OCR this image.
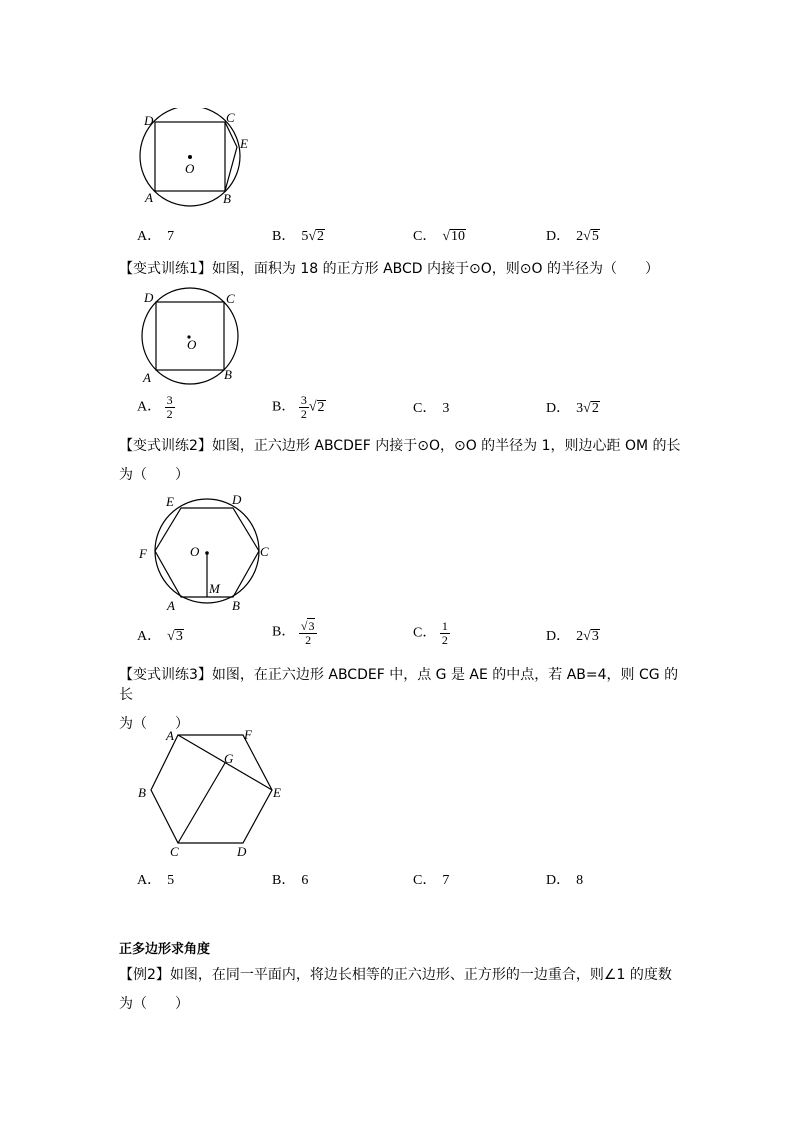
D	C
E
O
A	B
A． 7	B． 5√2	C． √10	D． 2√5
【变式训练1】如图，面积为 18 的正方形 ABCD 内接于⊙O，则⊙O 的半径为（　　）
D	C
O
A	B
A． $\frac{3}{2}$	B． $\frac{3}{2} √2$	C． 3	D． 3√2
【变式训练2】如图，正六边形 ABCDEF 内接于⊙O，⊙O 的半径为 1，则边心距 OM 的长
为（　　）
E	D
F	O	C
M
A	B
A． √3	B． $\frac{√3}{2}$	C． $\frac{1}{2}$	D． 2√3
【变式训练3】如图，在正六边形 ABCDEF 中，点 G 是 AE 的中点，若 AB=4，则 CG 的长
为（　　）
A	F
G
B	E
C	D
A． 5	B． 6	C． 7	D． 8
正多边形求角度
【例2】如图，在同一平面内，将边长相等的正六边形、正方形的一边重合，则∠1 的度数
为（　　）
